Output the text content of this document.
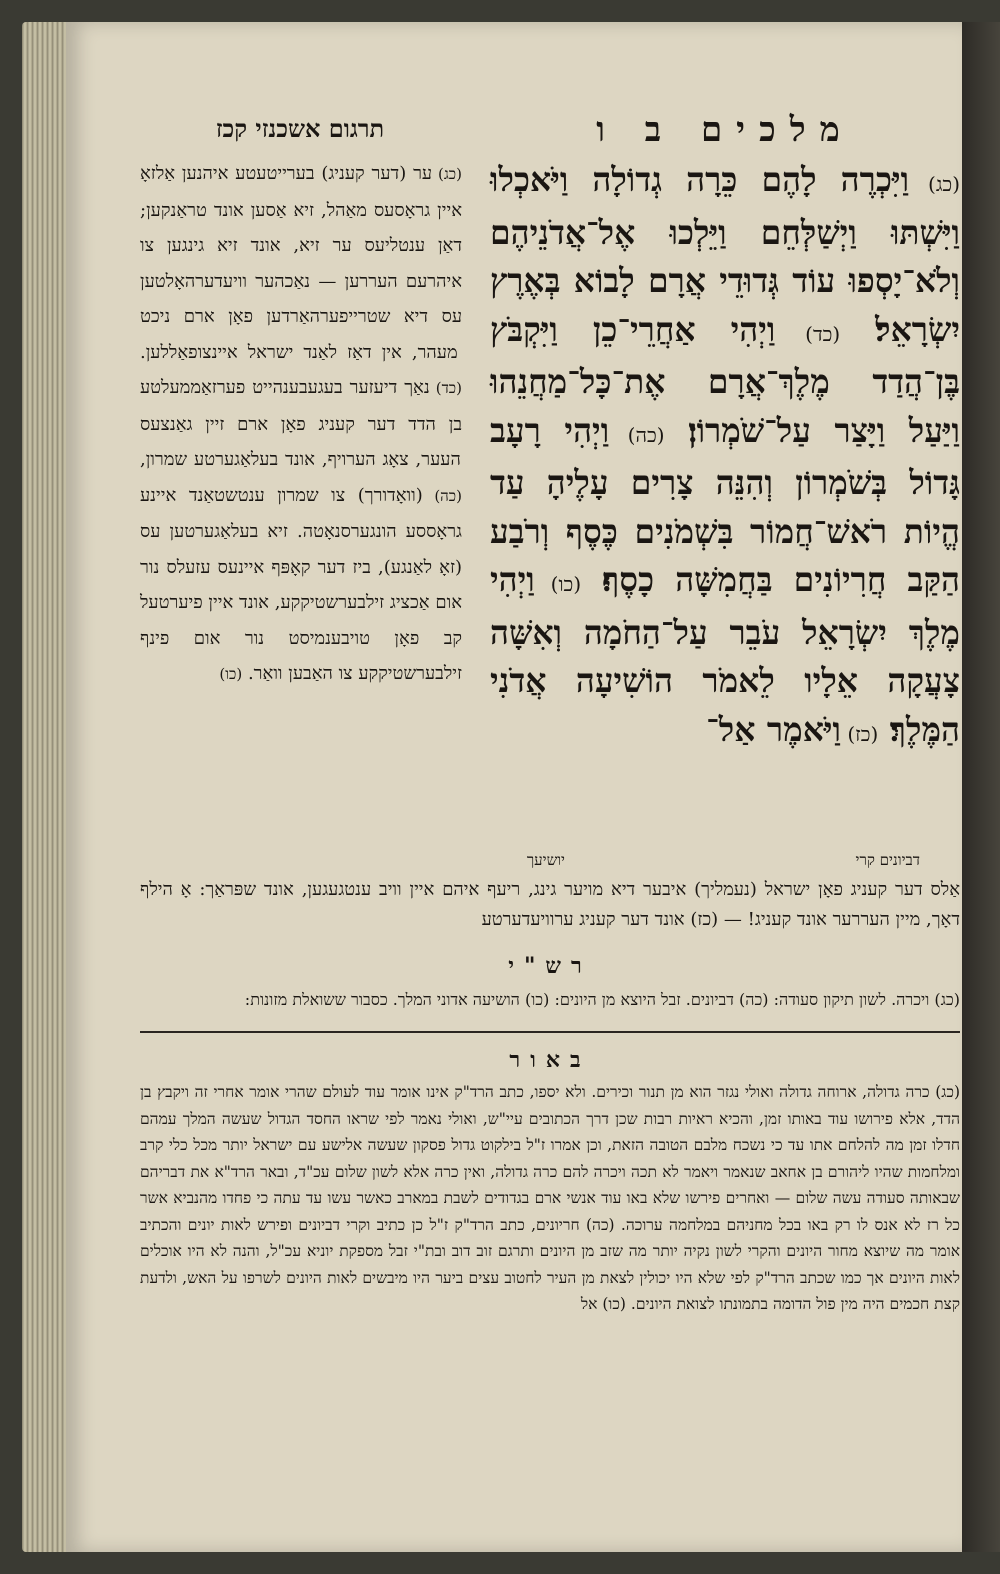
מלכים ב ו
תרגום אשכנזי קכז
(כג) וַיִּכְרֶה לָהֶם כֵּרָה גְדוֹלָה וַיֹּאכְלוּ וַיִּשְׁתּוּ וַיְשַׁלְּחֵם וַיֵּלְכוּ אֶל־אֲדֹנֵיהֶם וְלֹא־יָסְפוּ עוֹד גְּדוּדֵי אֲרָם לָבוֹא בְּאֶרֶץ יִשְׂרָאֵל׃ (כד) וַיְהִי אַחֲרֵי־כֵן וַיִּקְבֹּץ בֶּן־הֲדַד מֶלֶךְ־אֲרָם אֶת־כָּל־מַחֲנֵהוּ וַיַּעַל וַיָּצַר עַל־שֹׁמְרוֹן׃ (כה) וַיְהִי רָעָב גָּדוֹל בְּשֹׁמְרוֹן וְהִנֵּה צָרִים עָלֶיהָ עַד הֱיוֹת רֹאשׁ־חֲמוֹר בִּשְׁמֹנִים כֶּסֶף וְרֹבַע הַקַּב חֲרִיוֹנִים בַּחֲמִשָּׁה כָסֶף׃ (כו) וַיְהִי מֶלֶךְ יִשְׂרָאֵל עֹבֵר עַל־הַחֹמָה וְאִשָּׁה צָעֲקָה אֵלָיו לֵאמֹר הוֹשִׁיעָה אֲדֹנִי הַמֶּלֶךְ׃ (כז) וַיֹּאמֶר אַל־
(כג) ער (דער קעניג) בערייטעטע איהנען אַלזאָ איין גראָסעס מאַהל, זיא אַסען אונד טראַנקען; דאַן ענטליעס ער זיא, אונד זיא גינגען צו איהרעם העררען — נאַכהער וויעדערהאָלטען עס דיא שטרייפערהאַרדען פאָן ארם ניכט מעהר, אין דאַז לאַנד ישראל איינצופאַללען. (כד) נאַך דיעזער בעגעבענהייט פערזאַממעלטע בן הדד דער קעניג פאָן ארם זיין גאַנצעס העער, צאָג הערויף, אונד בעלאַגערטע שמרון, (כה) (וואָדורך) צו שמרון ענטשטאַנד איינע גראָססע הונגערסנאָטה. זיא בעלאַגערטען עס (זאָ לאַנגע), ביז דער קאָפּף איינעס עזעלס נור אום אַכציג זילבערשטיקקע, אונד איין פיערטעל קב פאָן טויבענמיסט נור אום פינף זילבערשטיקקע צו האַבען וואַר. (כו)
דביונים קרי
יושיעך
אַלס דער קעניג פאָן ישראל (נעמליך) איבער דיא מויער גינג, ריעף איהם איין וויב ענטגעגען, אונד שפּראַך: אָ הילף דאָך, מיין העררער אונד קעניג! — (כז) אונד דער קעניג ערוויעדערטע
רש"י
(כג) ויכרה. לשון תיקון סעודה: (כה) דביונים. זבל היוצא מן היונים: (כו) הושיעה אדוני המלך. כסבור ששואלת מזונות:
באור
(כג) כרה גדולה, ארוחה גדולה ואולי נגזר הוא מן תנור וכירים. ולא יספו, כתב הרד"ק אינו אומר עוד לעולם שהרי אומר אחרי זה ויקבץ בן הדד, אלא פירושו עוד באותו זמן, והכיא ראיות רבות שכן דרך הכתובים עיי"ש, ואולי נאמר לפי שראו החסד הגדול שעשה המלך עמהם חדלו זמן מה להלחם אתו עד כי נשכח מלבם הטובה הזאת, וכן אמרו ז"ל בילקוט גדול פסקון שעשה אלישע עם ישראל יותר מכל כלי קרב ומלחמות שהיו ליהורם בן אחאב שנאמר ויאמר לא תכה ויכרה להם כרה גדולה, ואין כרה אלא לשון שלום עכ"ד, ובאר הרד"א את דבריהם שבאותה סעודה עשה שלום — ואחרים פירשו שלא באו עוד אנשי ארם בגדודים לשבת במארב כאשר עשו עד עתה כי פחדו מהנביא אשר כל רז לא אנס לו רק באו בכל מחניהם במלחמה ערוכה. (כה) חריונים, כתב הרד"ק ז"ל כן כתיב וקרי דביונים ופירש לאות יונים והכתיב אומר מה שיוצא מחור היונים והקרי לשון נקיה יותר מה שזב מן היונים ותרגם זוב דוב ובת"י זבל מספקת יוניא עכ"ל, והנה לא היו אוכלים לאות היונים אך כמו שכתב הרד"ק לפי שלא היו יכולין לצאת מן העיר לחטוב עצים ביער היו מיבשים לאות היונים לשרפו על האש, ולדעת קצת חכמים היה מין פול הדומה בתמונתו לצואת היונים. (כו) אל
